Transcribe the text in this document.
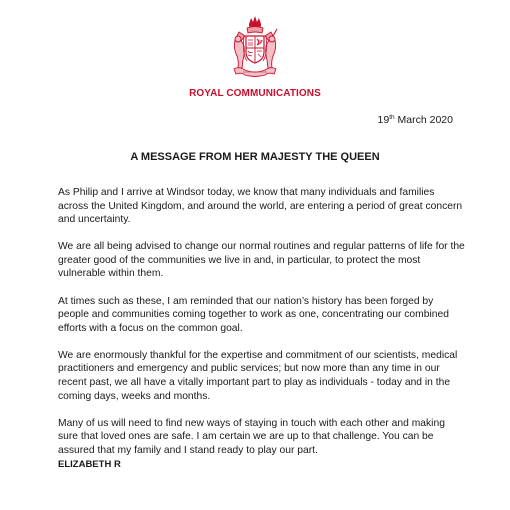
ROYAL COMMUNICATIONS
19th March 2020
A MESSAGE FROM HER MAJESTY THE QUEEN

As Philip and I arrive at Windsor today, we know that many individuals and families across the United Kingdom, and around the world, are entering a period of great concern and uncertainty.

We are all being advised to change our normal routines and regular patterns of life for the greater good of the communities we live in and, in particular, to protect the most vulnerable within them.

At times such as these, I am reminded that our nation’s history has been forged by people and communities coming together to work as one, concentrating our combined efforts with a focus on the common goal.

We are enormously thankful for the expertise and commitment of our scientists, medical practitioners and emergency and public services; but now more than any time in our recent past, we all have a vitally important part to play as individuals - today and in the coming days, weeks and months.

Many of us will need to find new ways of staying in touch with each other and making sure that loved ones are safe. I am certain we are up to that challenge. You can be assured that my family and I stand ready to play our part.

ELIZABETH R
